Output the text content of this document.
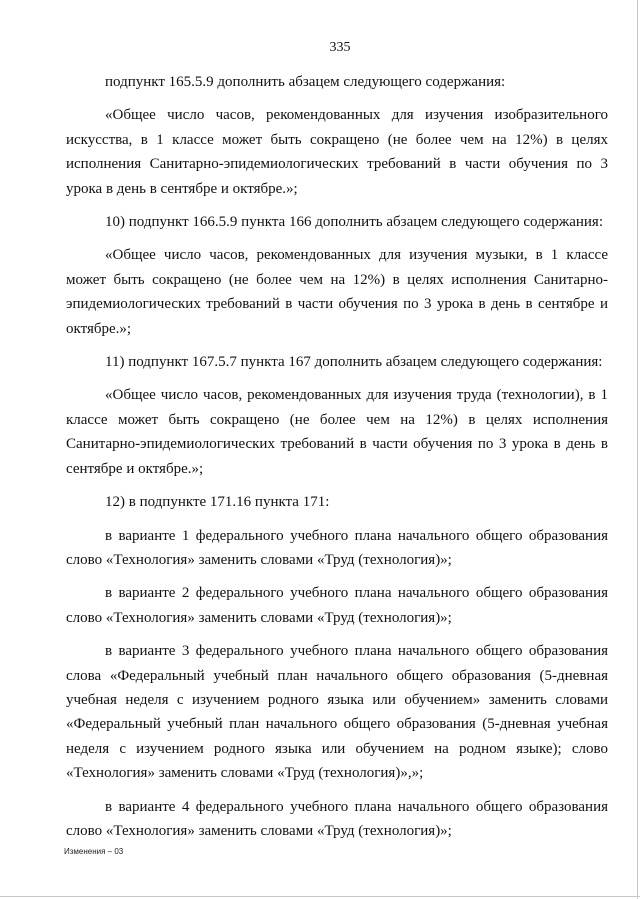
335

подпункт 165.5.9 дополнить абзацем следующего содержания:

«Общее число часов, рекомендованных для изучения изобразительного искусства, в 1 классе может быть сокращено (не более чем на 12%) в целях исполнения Санитарно-эпидемиологических требований в части обучения по 3 урока в день в сентябре и октябре.»;

10) подпункт 166.5.9 пункта 166 дополнить абзацем следующего содержания:

«Общее число часов, рекомендованных для изучения музыки, в 1 классе может быть сокращено (не более чем на 12%) в целях исполнения Санитарно-эпидемиологических требований в части обучения по 3 урока в день в сентябре и октябре.»;

11) подпункт 167.5.7 пункта 167 дополнить абзацем следующего содержания:

«Общее число часов, рекомендованных для изучения труда (технологии), в 1 классе может быть сокращено (не более чем на 12%) в целях исполнения Санитарно-эпидемиологических требований в части обучения по 3 урока в день в сентябре и октябре.»;

12) в подпункте 171.16 пункта 171:

в варианте 1 федерального учебного плана начального общего образования слово «Технология» заменить словами «Труд (технология)»;

в варианте 2 федерального учебного плана начального общего образования слово «Технология» заменить словами «Труд (технология)»;

в варианте 3 федерального учебного плана начального общего образования слова «Федеральный учебный план начального общего образования (5-дневная учебная неделя с изучением родного языка или обучением» заменить словами «Федеральный учебный план начального общего образования (5-дневная учебная неделя с изучением родного языка или обучением на родном языке); слово «Технология» заменить словами «Труд (технология)»,»;

в варианте 4 федерального учебного плана начального общего образования слово «Технология» заменить словами «Труд (технология)»;

Изменения – 03
